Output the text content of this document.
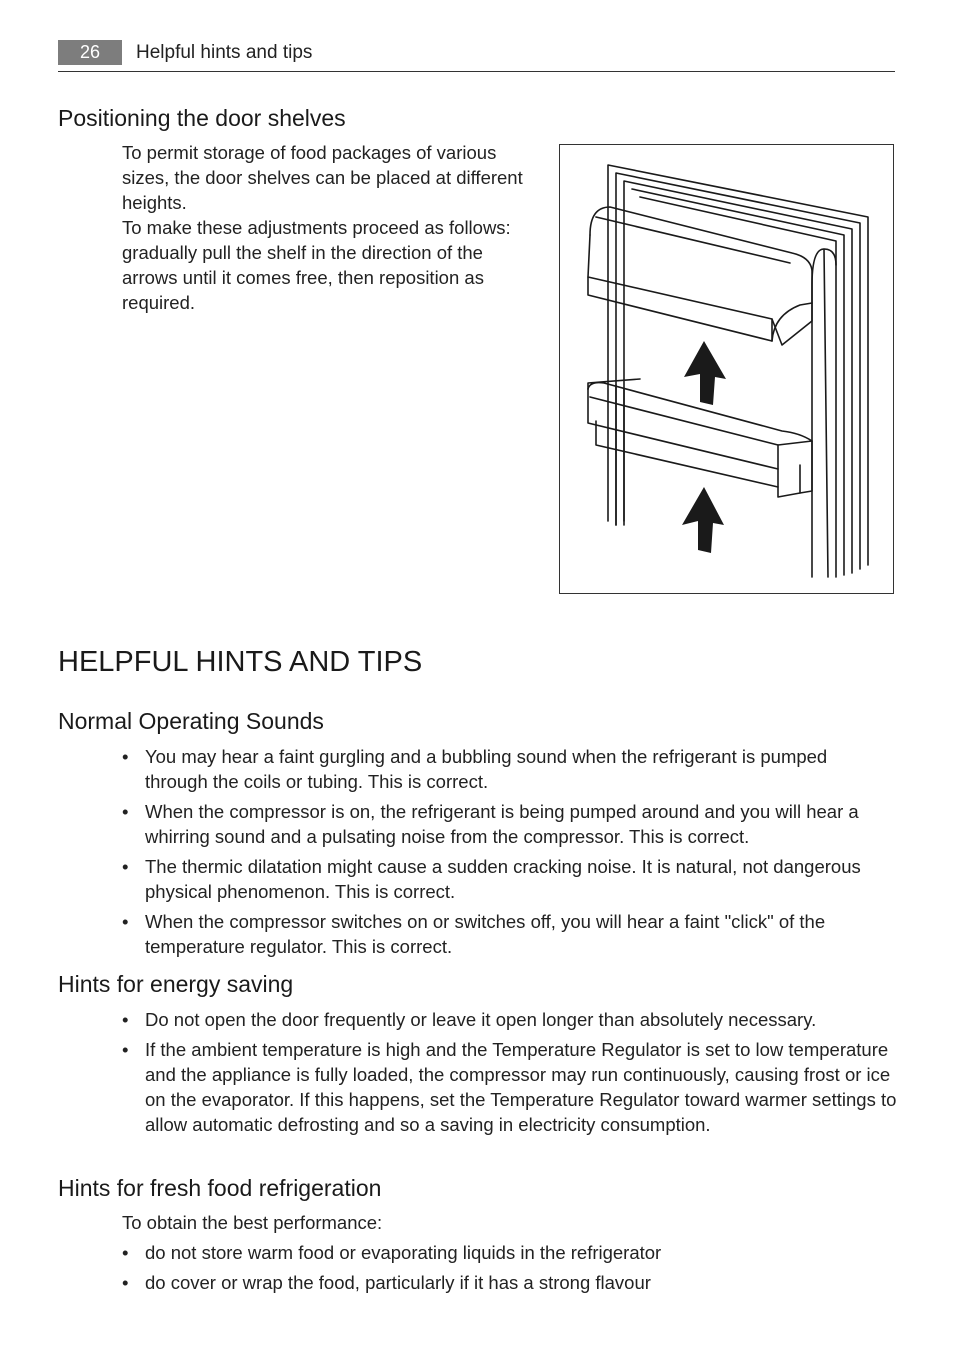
26	Helpful hints and tips
Positioning the door shelves

To permit storage of food packages of various sizes, the door shelves can be placed at different heights.

To make these adjustments proceed as follows: gradually pull the shelf in the direction of the arrows until it comes free, then reposition as required.

HELPFUL HINTS AND TIPS
Normal Operating Sounds
• You may hear a faint gurgling and a bubbling sound when the refrigerant is pumped through the coils or tubing. This is correct.
• When the compressor is on, the refrigerant is being pumped around and you will hear a whirring sound and a pulsating noise from the compressor. This is correct.
• The thermic dilatation might cause a sudden cracking noise. It is natural, not dangerous physical phenomenon. This is correct.
• When the compressor switches on or switches off, you will hear a faint "click" of the temperature regulator. This is correct.
Hints for energy saving
• Do not open the door frequently or leave it open longer than absolutely necessary.
• If the ambient temperature is high and the Temperature Regulator is set to low temperature and the appliance is fully loaded, the compressor may run continuously, causing frost or ice on the evaporator. If this happens, set the Temperature Regulator toward warmer settings to allow automatic defrosting and so a saving in electricity consumption.
Hints for fresh food refrigeration

To obtain the best performance:

• do not store warm food or evaporating liquids in the refrigerator
• do cover or wrap the food, particularly if it has a strong flavour
